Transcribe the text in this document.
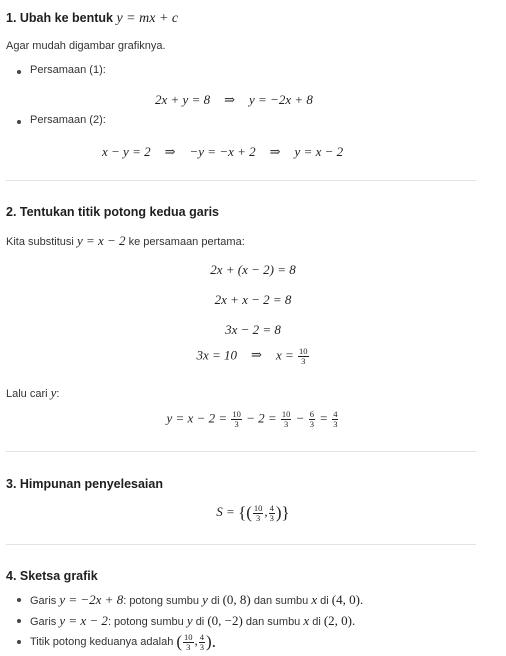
1. Ubah ke bentuk y = mx + c
Agar mudah digambar grafiknya.
Persamaan (1):
2x + y = 8 ⇒ y = −2x + 8
Persamaan (2):
x − y = 2 ⇒ −y = −x + 2 ⇒ y = x − 2
2. Tentukan titik potong kedua garis
Kita substitusi y = x − 2 ke persamaan pertama:
2x + (x − 2) = 8
2x + x − 2 = 8
3x − 2 = 8
3x = 10 ⇒ $x = \frac{10}{3}$
Lalu cari y:
$y = x - 2 = \frac{10}{3} - 2 = \frac{10}{3} - \frac{6}{3} = \frac{4}{3}$
3. Himpunan penyelesaian
S = {( $\frac{10}{3}$ , $\frac{4}{3}$ )}
4. Sketsa grafik
Garis y = −2x + 8: potong sumbu y di (0, 8) dan sumbu x di (4, 0).
Garis y = x − 2: potong sumbu y di (0, −2) dan sumbu x di (2, 0).
Titik potong keduanya adalah ( $\frac{10}{3}$ , $\frac{4}{3}$ ).
